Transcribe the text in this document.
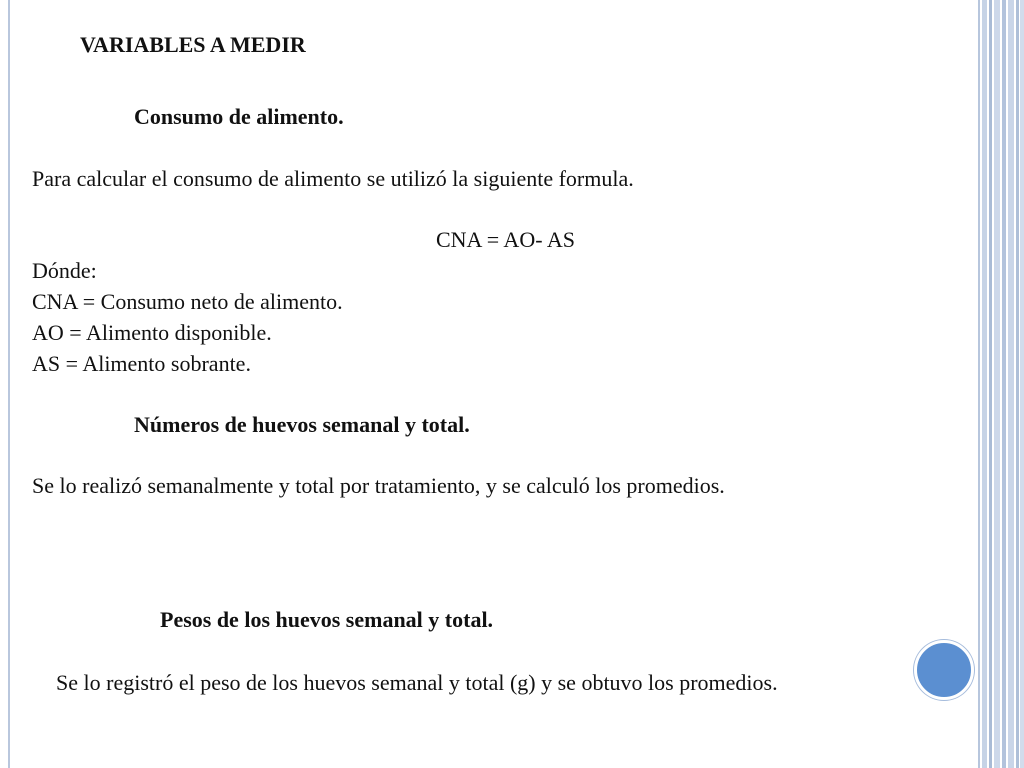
VARIABLES A MEDIR
Consumo de alimento.
Para calcular el consumo de alimento se utilizó la siguiente formula.
CNA = AO- AS
Dónde:
CNA = Consumo neto de alimento.
AO = Alimento disponible.
AS = Alimento sobrante.
Números de huevos semanal y total.
Se lo realizó semanalmente y total por tratamiento, y se calculó los promedios.
Pesos de los huevos semanal y total.
Se lo registró el peso de los huevos semanal y total (g) y se obtuvo los promedios.
